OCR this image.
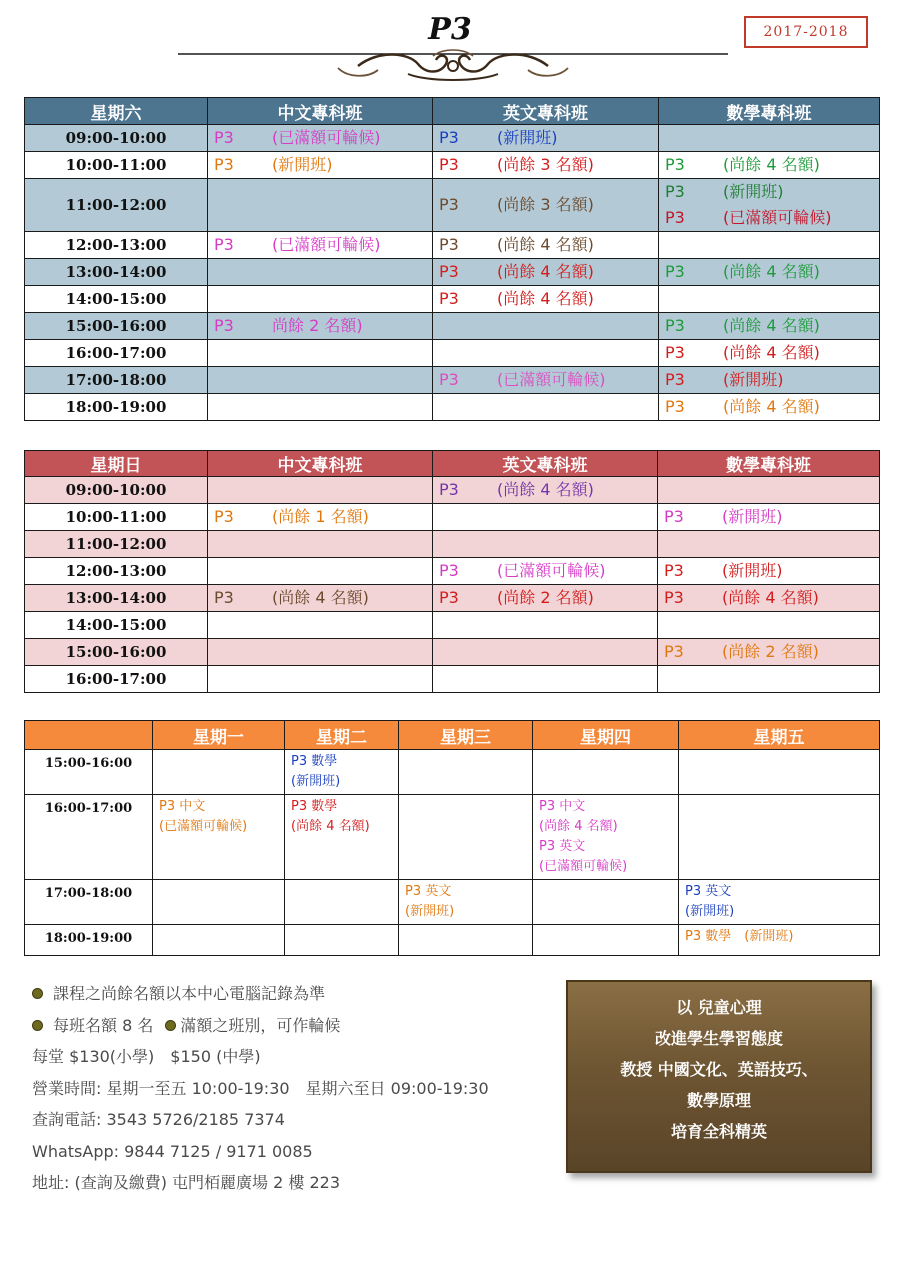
P3	2017-2018
星期六	中文專科班	英文專科班	數學專科班
09:00-10:00	P3 (已滿額可輪候)	P3 (新開班)	

10:00-11:00	P3 (新開班)	P3 (尚餘 3 名額)	P3 (尚餘 4 名額)

11:00-12:00		P3 (尚餘 3 名額)	P3 (新開班)
P3 (已滿額可輪候)

12:00-13:00	P3 (已滿額可輪候)	P3 (尚餘 4 名額)	

13:00-14:00		P3 (尚餘 4 名額)	P3 (尚餘 4 名額)

14:00-15:00		P3 (尚餘 4 名額)	

15:00-16:00	P3 尚餘 2 名額)		P3 (尚餘 4 名額)

16:00-17:00			P3 (尚餘 4 名額)

17:00-18:00		P3 (已滿額可輪候)	P3 (新開班)

18:00-19:00			P3 (尚餘 4 名額)
星期日	中文專科班	英文專科班	數學專科班
09:00-10:00		P3 (尚餘 4 名額)	

10:00-11:00	P3 (尚餘 1 名額)		P3 (新開班)

11:00-12:00			
12:00-13:00		P3 (已滿額可輪候)	P3 (新開班)

13:00-14:00	P3 (尚餘 4 名額)	P3 (尚餘 2 名額)	P3 (尚餘 4 名額)

14:00-15:00			
15:00-16:00			P3 (尚餘 2 名額)

16:00-17:00			
	星期一	星期二	星期三	星期四	星期五
15:00-16:00		P3 數學
(新開班)			

16:00-17:00	P3 中文
(已滿額可輪候)	P3 數學
(尚餘 4 名額)		P3 中文
(尚餘 4 名額)
P3 英文
(已滿額可輪候)	

17:00-18:00			P3 英文
(新開班)		P3 英文
(新開班)

18:00-19:00					P3 數學　(新開班)
課程之尚餘名額以本中心電腦記錄為準
每班名額 8 名 滿額之班別，可作輪候
每堂 $130(小學)　$150 (中學)
營業時間: 星期一至五 10:00-19:30　星期六至日 09:00-19:30
查詢電話: 3543 5726/2185 7374
WhatsApp: 9844 7125 / 9171 0085
地址: (查詢及繳費) 屯門栢麗廣場 2 樓 223
以 兒童心理
改進學生學習態度
教授 中國文化、英語技巧、
數學原理
培育全科精英
